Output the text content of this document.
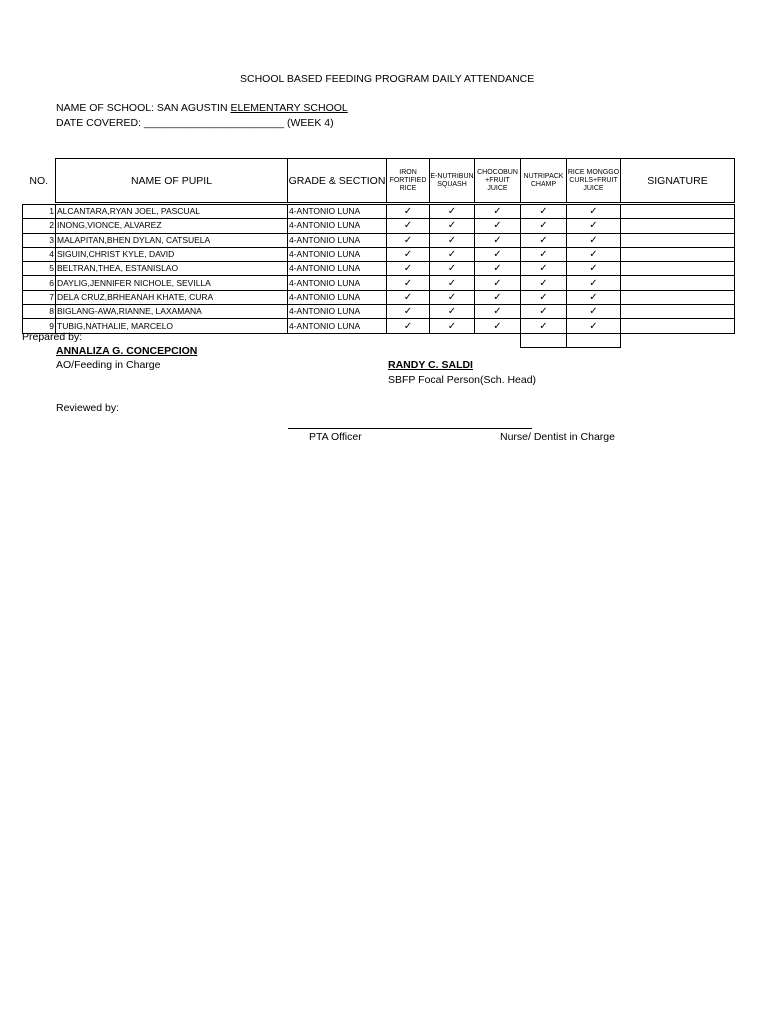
SCHOOL BASED FEEDING PROGRAM DAILY ATTENDANCE
NAME OF SCHOOL: SAN AGUSTIN ELEMENTARY SCHOOL
DATE COVERED: ________________________ (WEEK 4)
NO.	NAME OF PUPIL	GRADE & SECTION	IRON FORTIFIED RICE	E-NUTRIBUN SQUASH	CHOCOBUN +FRUIT JUICE	NUTRIPACK CHAMP	RICE MONGGO CURLS+FRUIT JUICE	SIGNATURE

1	ALCANTARA,RYAN JOEL, PASCUAL	4-ANTONIO LUNA	✓	✓	✓	✓	✓	
2	INONG,VIONCE, ALVAREZ	4-ANTONIO LUNA	✓	✓	✓	✓	✓	
3	MALAPITAN,BHEN DYLAN, CATSUELA	4-ANTONIO LUNA	✓	✓	✓	✓	✓	
4	SIGUIN,CHRIST KYLE, DAVID	4-ANTONIO LUNA	✓	✓	✓	✓	✓	
5	BELTRAN,THEA, ESTANISLAO	4-ANTONIO LUNA	✓	✓	✓	✓	✓	
6	DAYLIG,JENNIFER NICHOLE, SEVILLA	4-ANTONIO LUNA	✓	✓	✓	✓	✓	
7	DELA CRUZ,BRHEANAH KHATE, CURA	4-ANTONIO LUNA	✓	✓	✓	✓	✓	
8	BIGLANG-AWA,RIANNE, LAXAMANA	4-ANTONIO LUNA	✓	✓	✓	✓	✓	
9	TUBIG,NATHALIE, MARCELO	4-ANTONIO LUNA	✓	✓	✓	✓	✓	

Prepared by:
ANNALIZA G. CONCEPCION
AO/Feeding in Charge	RANDY C. SALDI
SBFP Focal Person(Sch. Head)
Reviewed by:
PTA Officer	Nurse/ Dentist in Charge
